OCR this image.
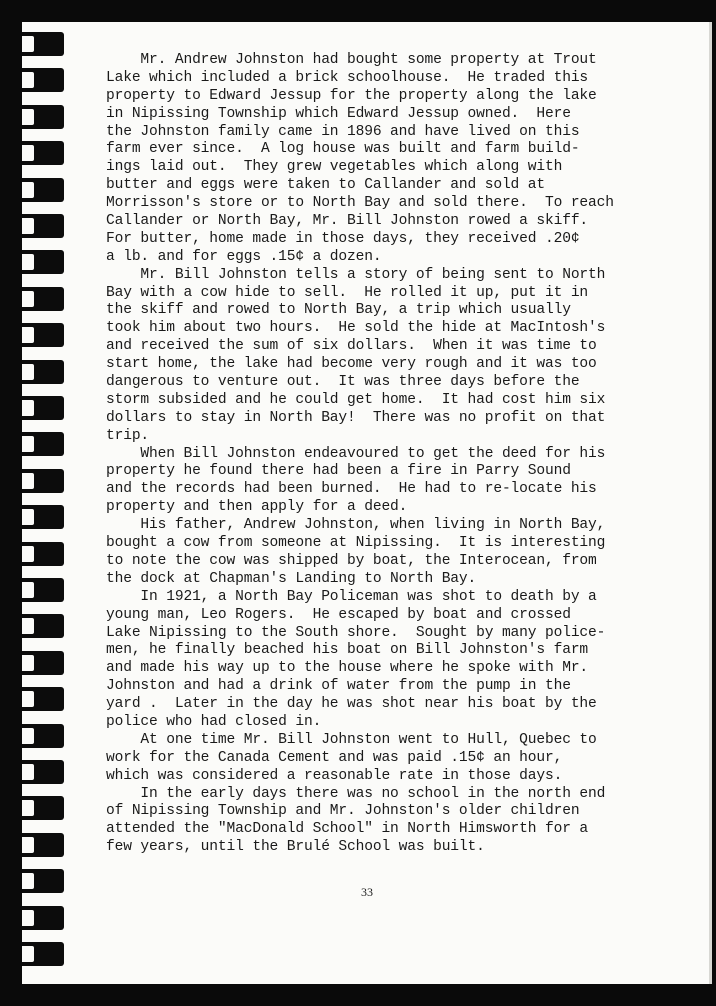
Mr. Andrew Johnston had bought some property at Trout
Lake which included a brick schoolhouse.  He traded this
property to Edward Jessup for the property along the lake
in Nipissing Township which Edward Jessup owned.  Here
the Johnston family came in 1896 and have lived on this
farm ever since.  A log house was built and farm build-
ings laid out.  They grew vegetables which along with
butter and eggs were taken to Callander and sold at
Morrisson's store or to North Bay and sold there.  To reach
Callander or North Bay, Mr. Bill Johnston rowed a skiff.
For butter, home made in those days, they received .20¢
a lb. and for eggs .15¢ a dozen.
Mr. Bill Johnston tells a story of being sent to North
Bay with a cow hide to sell.  He rolled it up, put it in
the skiff and rowed to North Bay, a trip which usually
took him about two hours.  He sold the hide at MacIntosh's
and received the sum of six dollars.  When it was time to
start home, the lake had become very rough and it was too
dangerous to venture out.  It was three days before the
storm subsided and he could get home.  It had cost him six
dollars to stay in North Bay!  There was no profit on that
trip.
When Bill Johnston endeavoured to get the deed for his
property he found there had been a fire in Parry Sound
and the records had been burned.  He had to re-locate his
property and then apply for a deed.
His father, Andrew Johnston, when living in North Bay,
bought a cow from someone at Nipissing.  It is interesting
to note the cow was shipped by boat, the Interocean, from
the dock at Chapman's Landing to North Bay.
In 1921, a North Bay Policeman was shot to death by a
young man, Leo Rogers.  He escaped by boat and crossed
Lake Nipissing to the South shore.  Sought by many police-
men, he finally beached his boat on Bill Johnston's farm
and made his way up to the house where he spoke with Mr.
Johnston and had a drink of water from the pump in the
yard .  Later in the day he was shot near his boat by the
police who had closed in.
At one time Mr. Bill Johnston went to Hull, Quebec to
work for the Canada Cement and was paid .15¢ an hour,
which was considered a reasonable rate in those days.
In the early days there was no school in the north end
of Nipissing Township and Mr. Johnston's older children
attended the "MacDonald School" in North Himsworth for a
few years, until the Brulé School was built.
33
